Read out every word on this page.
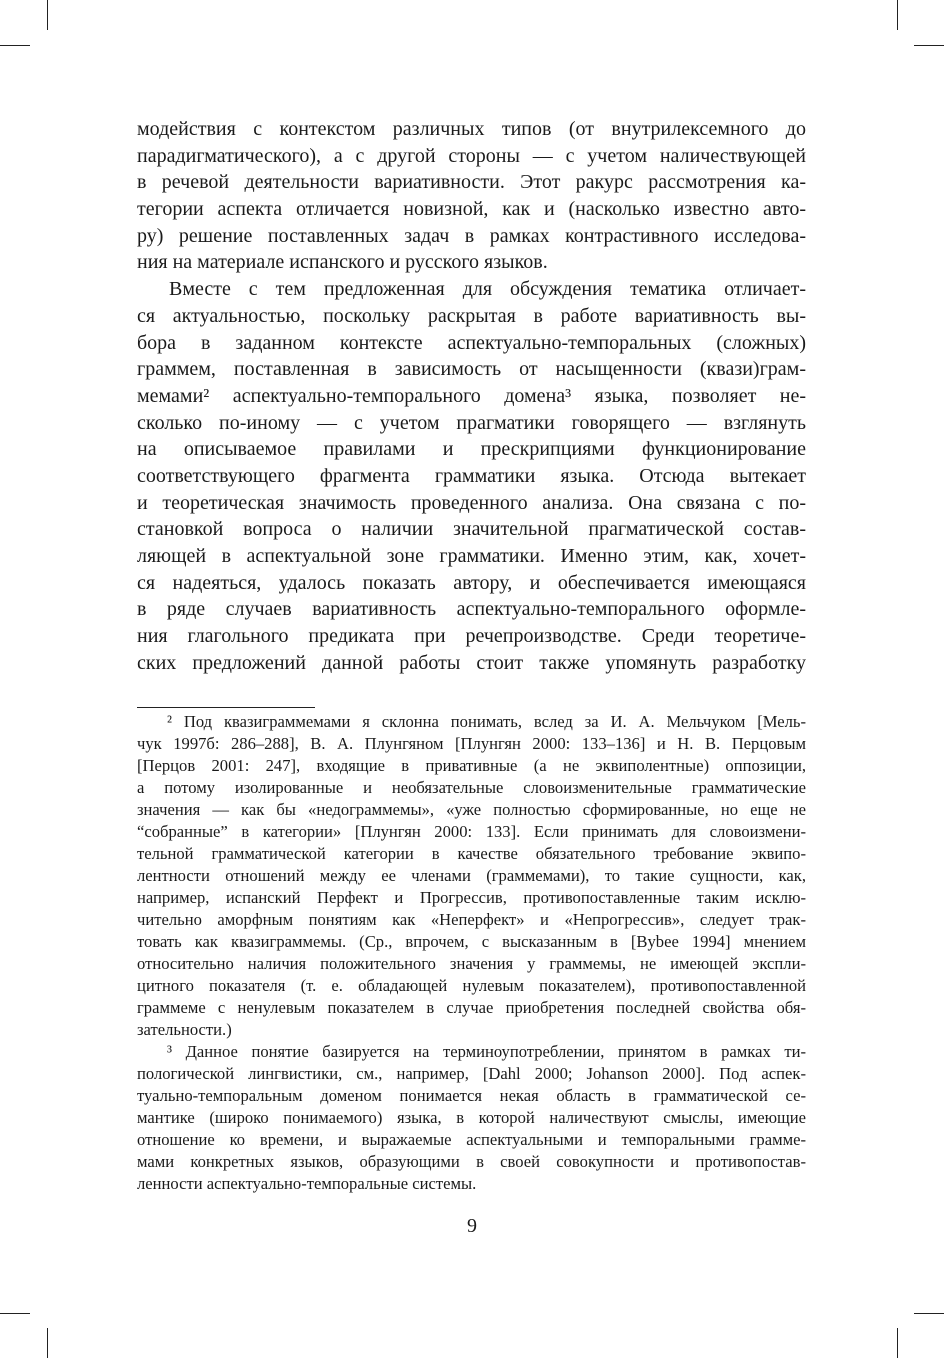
модействия с контекстом различных типов (от внутрилексемного до
парадигматического), а с другой стороны — с учетом наличествующей
в речевой деятельности вариативности. Этот ракурс рассмотрения ка-
тегории аспекта отличается новизной, как и (насколько известно авто-
ру) решение поставленных задач в рамках контрастивного исследова-
ния на материале испанского и русского языков.
Вместе с тем предложенная для обсуждения тематика отличает-
ся актуальностью, поскольку раскрытая в работе вариативность вы-
бора в заданном контексте аспектуально-темпоральных (сложных)
граммем, поставленная в зависимость от насыщенности (квази)грам-
мемами² аспектуально-темпорального домена³ языка, позволяет не-
сколько по-иному — с учетом прагматики говорящего — взглянуть
на описываемое правилами и прескрипциями функционирование
соответствующего фрагмента грамматики языка. Отсюда вытекает
и теоретическая значимость проведенного анализа. Она связана с по-
становкой вопроса о наличии значительной прагматической состав-
ляющей в аспектуальной зоне грамматики. Именно этим, как, хочет-
ся надеяться, удалось показать автору, и обеспечивается имеющаяся
в ряде случаев вариативность аспектуально-темпорального оформле-
ния глагольного предиката при речепроизводстве. Среди теоретиче-
ских предложений данной работы стоит также упомянуть разработку
² Под квазиграммемами я склонна понимать, вслед за И. А. Мельчуком [Мель-
чук 1997б: 286–288], В. А. Плунгяном [Плунгян 2000: 133–136] и Н. В. Перцовым
[Перцов 2001: 247], входящие в привативные (а не эквиполентные) оппозиции,
а потому изолированные и необязательные словоизменительные грамматические
значения — как бы «недограммемы», «уже полностью сформированные, но еще не
“собранные” в категории» [Плунгян 2000: 133]. Если принимать для словоизмени-
тельной грамматической категории в качестве обязательного требование эквипо-
лентности отношений между ее членами (граммемами), то такие сущности, как,
например, испанский Перфект и Прогрессив, противопоставленные таким исклю-
чительно аморфным понятиям как «Неперфект» и «Непрогрессив», следует трак-
товать как квазиграммемы. (Ср., впрочем, с высказанным в [Bybee 1994] мнением
относительно наличия положительного значения у граммемы, не имеющей экспли-
цитного показателя (т. е. обладающей нулевым показателем), противопоставленной
граммеме с ненулевым показателем в случае приобретения последней свойства обя-
зательности.)
³ Данное понятие базируется на терминоупотреблении, принятом в рамках ти-
пологической лингвистики, см., например, [Dahl 2000; Johanson 2000]. Под аспек-
туально-темпоральным доменом понимается некая область в грамматической се-
мантике (широко понимаемого) языка, в которой наличествуют смыслы, имеющие
отношение ко времени, и выражаемые аспектуальными и темпоральными грамме-
мами конкретных языков, образующими в своей совокупности и противопостав-
ленности аспектуально-темпоральные системы.
9
